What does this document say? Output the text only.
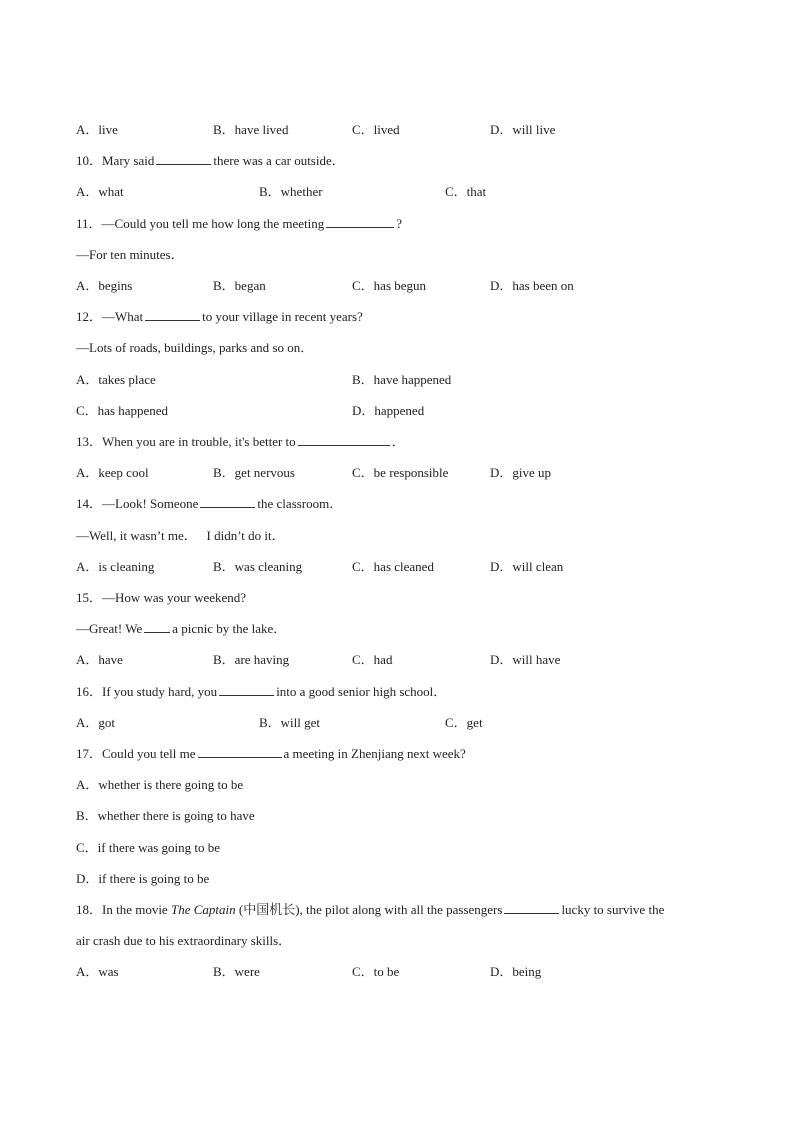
A．live	B．have lived	C．lived	D．will live
10．Mary said	there was a car outside．
A．what	B．whether	C．that
11．—Could you tell me how long the meeting	?
—For ten minutes．
A．begins	B．began	C．has begun	D．has been on
12．—What	to your village in recent years?
—Lots of roads, buildings, parks and so on．
A．takes place	B．have happened
C．has happened	D．happened
13．When you are in trouble, it's better to	．
A．keep cool	B．get nervous	C．be responsible	D．give up
14．—Look! Someone	the classroom．
—Well, it wasn’t me．   I didn’t do it．
A．is cleaning	B．was cleaning	C．has cleaned	D．will clean
15．—How was your weekend?
—Great! We a picnic by the lake．
A．have	B．are having	C．had	D．will have
16．If you study hard, you	into a good senior high school．
A．got	B．will get	C．get
17．Could you tell me	a meeting in Zhenjiang next week?
A．whether is there going to be
B．whether there is going to have
C．if there was going to be
D．if there is going to be
18．In the movie The Captain (中国机长), the pilot along with all the passengers	lucky to survive the
air crash due to his extraordinary skills．
A．was	B．were	C．to be	D．being
